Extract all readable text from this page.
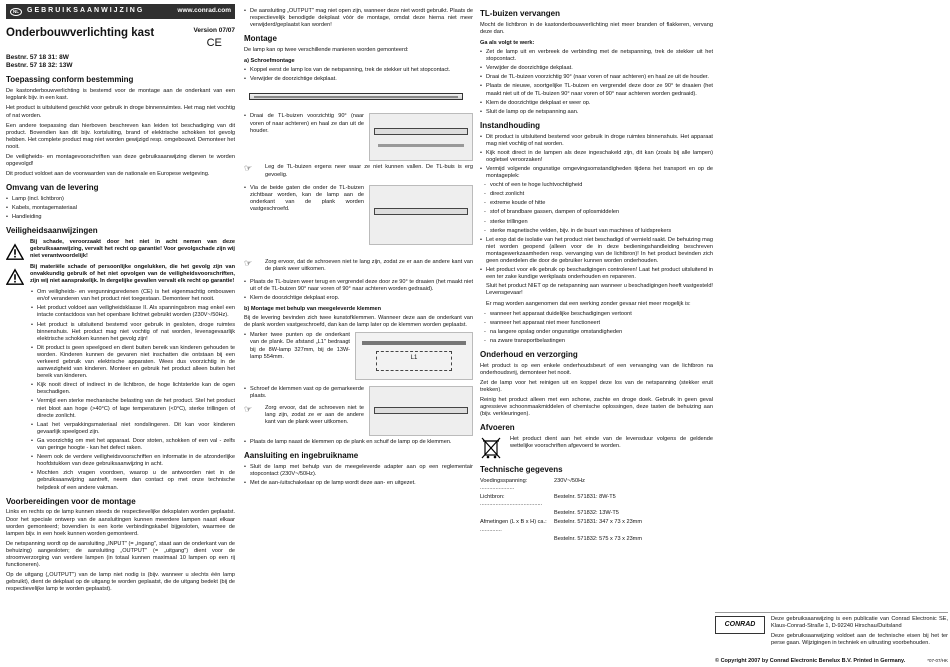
NL	GEBRUIKSAANWIJZING	www.conrad.com
Onderbouwverlichting kast	Version 07/07
CE
Bestnr. 57 18 31: 8W
Bestnr. 57 18 32: 13W
Toepassing conform bestemming

De kastonderbouwverlichting is bestemd voor de montage aan de onderkant van een legplank bijv. in een kast.

Het product is uitsluitend geschikt voor gebruik in droge binnenruimtes. Het mag niet vochtig of nat worden.

Een andere toepassing dan hierboven beschreven kan leiden tot beschadiging van dit product. Bovendien kan dit bijv. kortsluiting, brand of elektrische schokken tot gevolg hebben. Het complete product mag niet worden gewijzigd resp. omgebouwd. Demonteer het nooit.

De veiligheids- en montagevoorschriften van deze gebruiksaanwijzing dienen te worden opgevolgd!

Dit product voldoet aan de voorwaarden van de nationale en Europese wetgeving.

Omvang van de levering
• Lamp (incl. lichtbron)
• Kabels, montagemateriaal
• Handleiding
Veiligheidsaanwijzingen

Bij schade, veroorzaakt door het niet in acht nemen van deze gebruiksaanwijzing, vervalt het recht op garantie! Voor gevolgschade zijn wij niet verantwoordelijk!

Bij materiële schade of persoonlijke ongelukken, die het gevolg zijn van onvakkundig gebruik of het niet opvolgen van de veiligheidsvoorschriften, zijn wij niet aansprakelijk. In dergelijke gevallen vervalt elk recht op garantie!

• Om veiligheids- en vergunningsredenen (CE) is het eigenmachtig ombouwen en/of veranderen van het product niet toegestaan. Demonteer het nooit.
• Het product voldoet aan veiligheidsklasse II. Als spanningsbron mag enkel een intacte contactdoos van het openbare lichtnet gebruikt worden (230V~/50Hz).
• Het product is uitsluitend bestemd voor gebruik in gesloten, droge ruimtes binnenshuis. Het product mag niet vochtig of nat worden, levensgevaarlijk elektrische schokken kunnen het gevolg zijn!
• Dit product is geen speelgoed en dient buiten bereik van kinderen gehouden te worden. Kinderen kunnen de gevaren niet inschatten die ontstaan bij een verkeerd gebruik van elektrische apparaten. Wees dus voorzichtig in de aanwezigheid van kinderen. Monteer en gebruik het product alleen buiten het bereik van kinderen.
• Kijk nooit direct of indirect in de lichtbron, de hoge lichtsterkte kan de ogen beschadigen.
• Vermijd een sterke mechanische belasting van de het product. Stel het product niet bloot aan hoge (>40°C) of lage temperaturen (<0°C), sterke trillingen of directe zonlicht.
• Laat het verpakkingsmateriaal niet rondslingeren. Dit kan voor kinderen gevaarlijk speelgoed zijn.
• Ga voorzichtig om met het apparaat. Door stoten, schokken of een val - zelfs van geringe hoogte - kan het defect raken.
• Neem ook de verdere veiligheidsvoorschriften en informatie in de afzonderlijke hoofdstukken van deze gebruiksaanwijzing in acht.
• Mochten zich vragen voordoen, waarop u de antwoorden niet in de gebruiksaanwijzing aantreft, neem dan contact op met onze technische helpdesk of een andere vakman.
Voorbereidingen voor de montage

Links en rechts op de lamp kunnen steeds de respectievelijke deksplaten worden geplaatst. Door het speciale ontwerp van de aansluitingen kunnen meerdere lampen naast elkaar worden gemonteerd; bovendien is een korte verbindingskabel bijgesloten, waarmee de lampen bijv. in een hoek kunnen worden gemonteerd.

De netspanning wordt op de aansluiting „INPUT" (= „ingang", staat aan de onderkant van de behuizing) aangesloten; de aansluiting „OUTPUT" (= „uitgang") dient voor de stroomverzorging van verdere lampen (in totaal kunnen maximaal 10 lampen op een rij functioneren).

Op de uitgang („OUTPUT") van de lamp niet nodig is (bijv. wanneer u slechts één lamp gebruikt), dient de dekplaat op de uitgang te worden geplaatst, die de uitgang bedekt (bij de respectievelijke lamp te worden geplaatst).

• De aansluiting „OUTPUT" mag niet open zijn, wanneer deze niet wordt gebruikt. Plaats de respectievelijk benodigde dekplaat vóór de montage, omdat deze hierna niet meer verwijderd/geplaatst kan worden!
Montage

De lamp kan op twee verschillende manieren worden gemonteerd:

a) Schroefmontage
• Koppel eerst de lamp los van de netspanning, trek de stekker uit het stopcontact.
• Verwijder de doorzichtige dekplaat.
• Draai de TL-buizen voorzichtig 90° (naar voren of naar achteren) en haal ze dan uit de houder.
☞	Leg de TL-buizen ergens neer waar ze niet kunnen vallen. De TL-buis is erg gevoelig.

• Via de beide gaten die onder de TL-buizen zichtbaar worden, kan de lamp aan de onderkant van de plank worden vastgeschroefd.
☞	Zorg ervoor, dat de schroeven niet te lang zijn, zodat ze er aan de andere kant van de plank weer uitkomen.

• Plaats de TL-buizen weer terug en vergrendel deze door ze 90° te draaien (het maakt niet uit of de TL-buizen 90° naar voren of 90° naar achteren worden gedraaid).
• Klem de doorzichtige dekplaat erop.
b) Montage met behulp van meegeleverde klemmen

Bij de levering bevinden zich twee kunstofklemmen. Wanneer deze aan de onderkant van de plank worden vastgeschroefd, dan kan de lamp later op de klemmen worden geplaatst.

• Marker twee punten op de onderkant van de plank. De afstand „L1" bedraagt bij de 8W-lamp 327mm, bij de 13W-lamp 554mm.	L1
• Schroef de klemmen vast op de gemarkeerde plaats.
☞	Zorg ervoor, dat de schroeven niet te lang zijn, zodat ze er aan de andere kant van de plank weer uitkomen.

• Plaats de lamp naast de klemmen op de plank en schuif de lamp op de klemmen.
Aansluiting en ingebruikname
• Sluit de lamp met behulp van de meegeleverde adapter aan op een reglementair stopcontact (230V~/50Hz).
• Met de aan-/uitschakelaar op de lamp wordt deze aan- en uitgezet.
TL-buizen vervangen

Mocht de lichtbron in de kastonderbouwverlichting niet meer branden of flakkeren, vervang deze dan.

Ga als volgt te werk:
• Zet de lamp uit en verbreek de verbinding met de netspanning, trek de stekker uit het stopcontact.
• Verwijder de doorzichtige dekplaat.
• Draai de TL-buizen voorzichtig 90° (naar voren of naar achteren) en haal ze uit de houder.
• Plaats de nieuwe, soortgelijke TL-buizen en vergrendel deze door ze 90° te draaien (het maakt niet uit of de TL-buizen 90° naar voren of 90° naar achteren worden gedraaid).
• Klem de doorzichtige dekplaat er weer op.
• Sluit de lamp op de netspanning aan.
Instandhouding
• Dit product is uitsluitend bestemd voor gebruik in droge ruimtes binnenshuis. Het apparaat mag niet vochtig of nat worden.
• Kijk nooit direct in de lampen als deze ingeschakeld zijn, dit kan (zoals bij alle lampen) oogletsel veroorzaken!
• Vermijd volgende ongunstige omgevingsomstandigheden tijdens het transport en op de montageplek:
- vocht of een te hoge luchtvochtigheid
- direct zonlicht
- extreme koude of hitte
- stof of brandbare gassen, dampen of oplosmiddelen
- sterke trillingen
- sterke magnetische velden, bijv. in de buurt van machines of luidsprekers
• Let erop dat de isolatie van het product niet beschadigd of vernield raakt. De behuizing mag niet worden geopend (alleen voor de in deze bedieningshandleiding beschreven montagewerkzaamheden resp. vervanging van de lichtbron)! In het product bevinden zich geen onderdelen die door de gebruiker kunnen worden onderhouden.
• Het product voor elk gebruik op beschadigingen controleren! Laat het product uitsluitend in een ter zake kundige werkplaats onderhouden en repareren.

Sluit het product NIET op de netspanning aan wanneer u beschadigingen heeft vastgesteld! Levensgevaar!

Er mag worden aangenomen dat een werking zonder gevaar niet meer mogelijk is:

- wanneer het apparaat duidelijke beschadigingen vertoont
- wanneer het apparaat niet meer functioneert
- na langere opslag onder ongunstige omstandigheden
- na zware transportbelastingen
Onderhoud en verzorging

Het product is op een enkele onderhoudsbeurt of een vervanging van de lichtbron na onderhoudsvrij, demonteer het nooit.

Zet de lamp voor het reinigen uit en koppel deze los van de netspanning (stekker eruit trekken).

Reinig het product alleen met een schone, zachte en droge doek. Gebruik in geen geval agressieve schoonmaakmiddelen of chemische oplossingen, deze tasten de behuizing aan (bijv. verkleuringen).

Afvoeren

Het product dient aan het einde van de levensduur volgens de geldende wettelijke voorschriften afgevoerd te worden.

Technische gegevens
Voedingsspanning: ......................	230V~/50Hz
Lichtbron: ........................................	Bestelnr. 571831: 8W-T5
	Bestelnr. 571832: 13W-T5
Afmetingen (L x B x H) ca.: ..............	Bestelnr. 571831: 347 x 73 x 23mm
	Bestelnr. 571832: 575 x 73 x 23mm
CONRAD

Deze gebruiksaanwijzing is een publicatie van Conrad Electronic SE, Klaus-Conrad-Straße 1, D-92240 Hirschau/Duitsland

Deze gebruiksaanwijzing voldoet aan de technische eisen bij het ter perse gaan. Wijzigingen in techniek en uitrusting voorbehouden.

© Copyright 2007 by Conrad Electronic Benelux B.V. Printed in Germany.	*07-07/HK
